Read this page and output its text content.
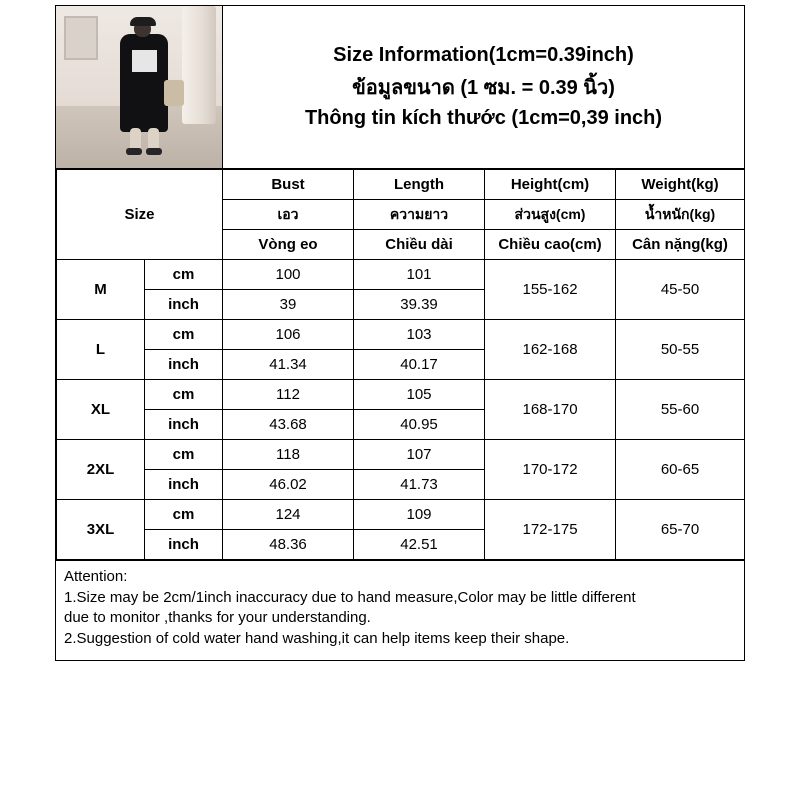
Size Information(1cm=0.39inch)
ข้อมูลขนาด (1 ซม. = 0.39 นิ้ว)
Thông tin kích thước (1cm=0,39 inch)
Size		Bust	Length	Height(cm)	Weight(kg)
		เอว	ความยาว	ส่วนสูง(cm)	น้ำหนัก(kg)
		Vòng eo	Chiều dài	Chiều cao(cm)	Cân nặng(kg)
M	cm	100	101	155-162	45-50
	inch	39	39.39		
L	cm	106	103	162-168	50-55
	inch	41.34	40.17		
XL	cm	112	105	168-170	55-60
	inch	43.68	40.95		
2XL	cm	118	107	170-172	60-65
	inch	46.02	41.73		
3XL	cm	124	109	172-175	65-70
	inch	48.36	42.51		
Attention:
1.Size may be 2cm/1inch inaccuracy due to hand measure,Color may be little different
due to monitor ,thanks for your understanding.
2.Suggestion of cold water hand washing,it can help items keep their shape.
